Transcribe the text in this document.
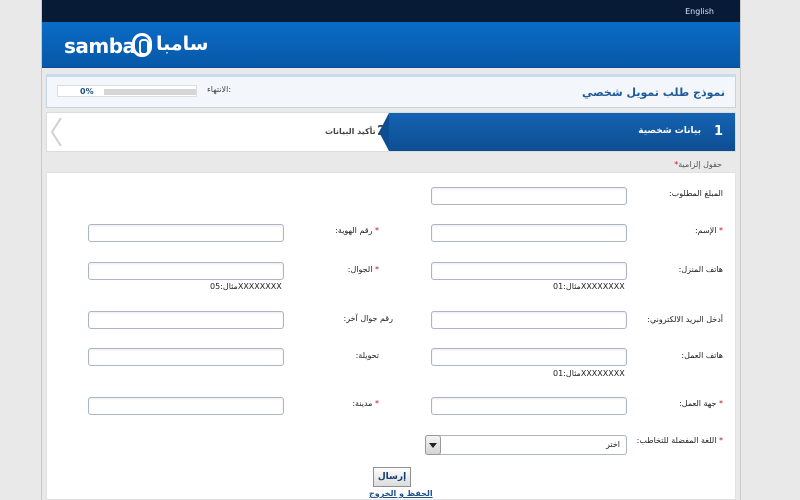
English
samba سامبا
نموذج طلب تمويل شخصي
الانتهاء:
0%
تأكيد البيانات 2	1
بيانات شخصية
*حقول إلزامية
المبلغ المطلوب:
* الإسم:
* رقم الهوية:
هاتف المنزل:
مثال:01XXXXXXXX
* الجوال:
مثال:05XXXXXXXX
أدخل البريد الالكتروني:
رقم جوال آخر:
هاتف العمل:
مثال:01XXXXXXXX
تحويلة:
* جهة العمل:
* مدينة:
* اللغة المفضلة للتخاطب:
اختر
إرسال
الحفظ و الخروج
